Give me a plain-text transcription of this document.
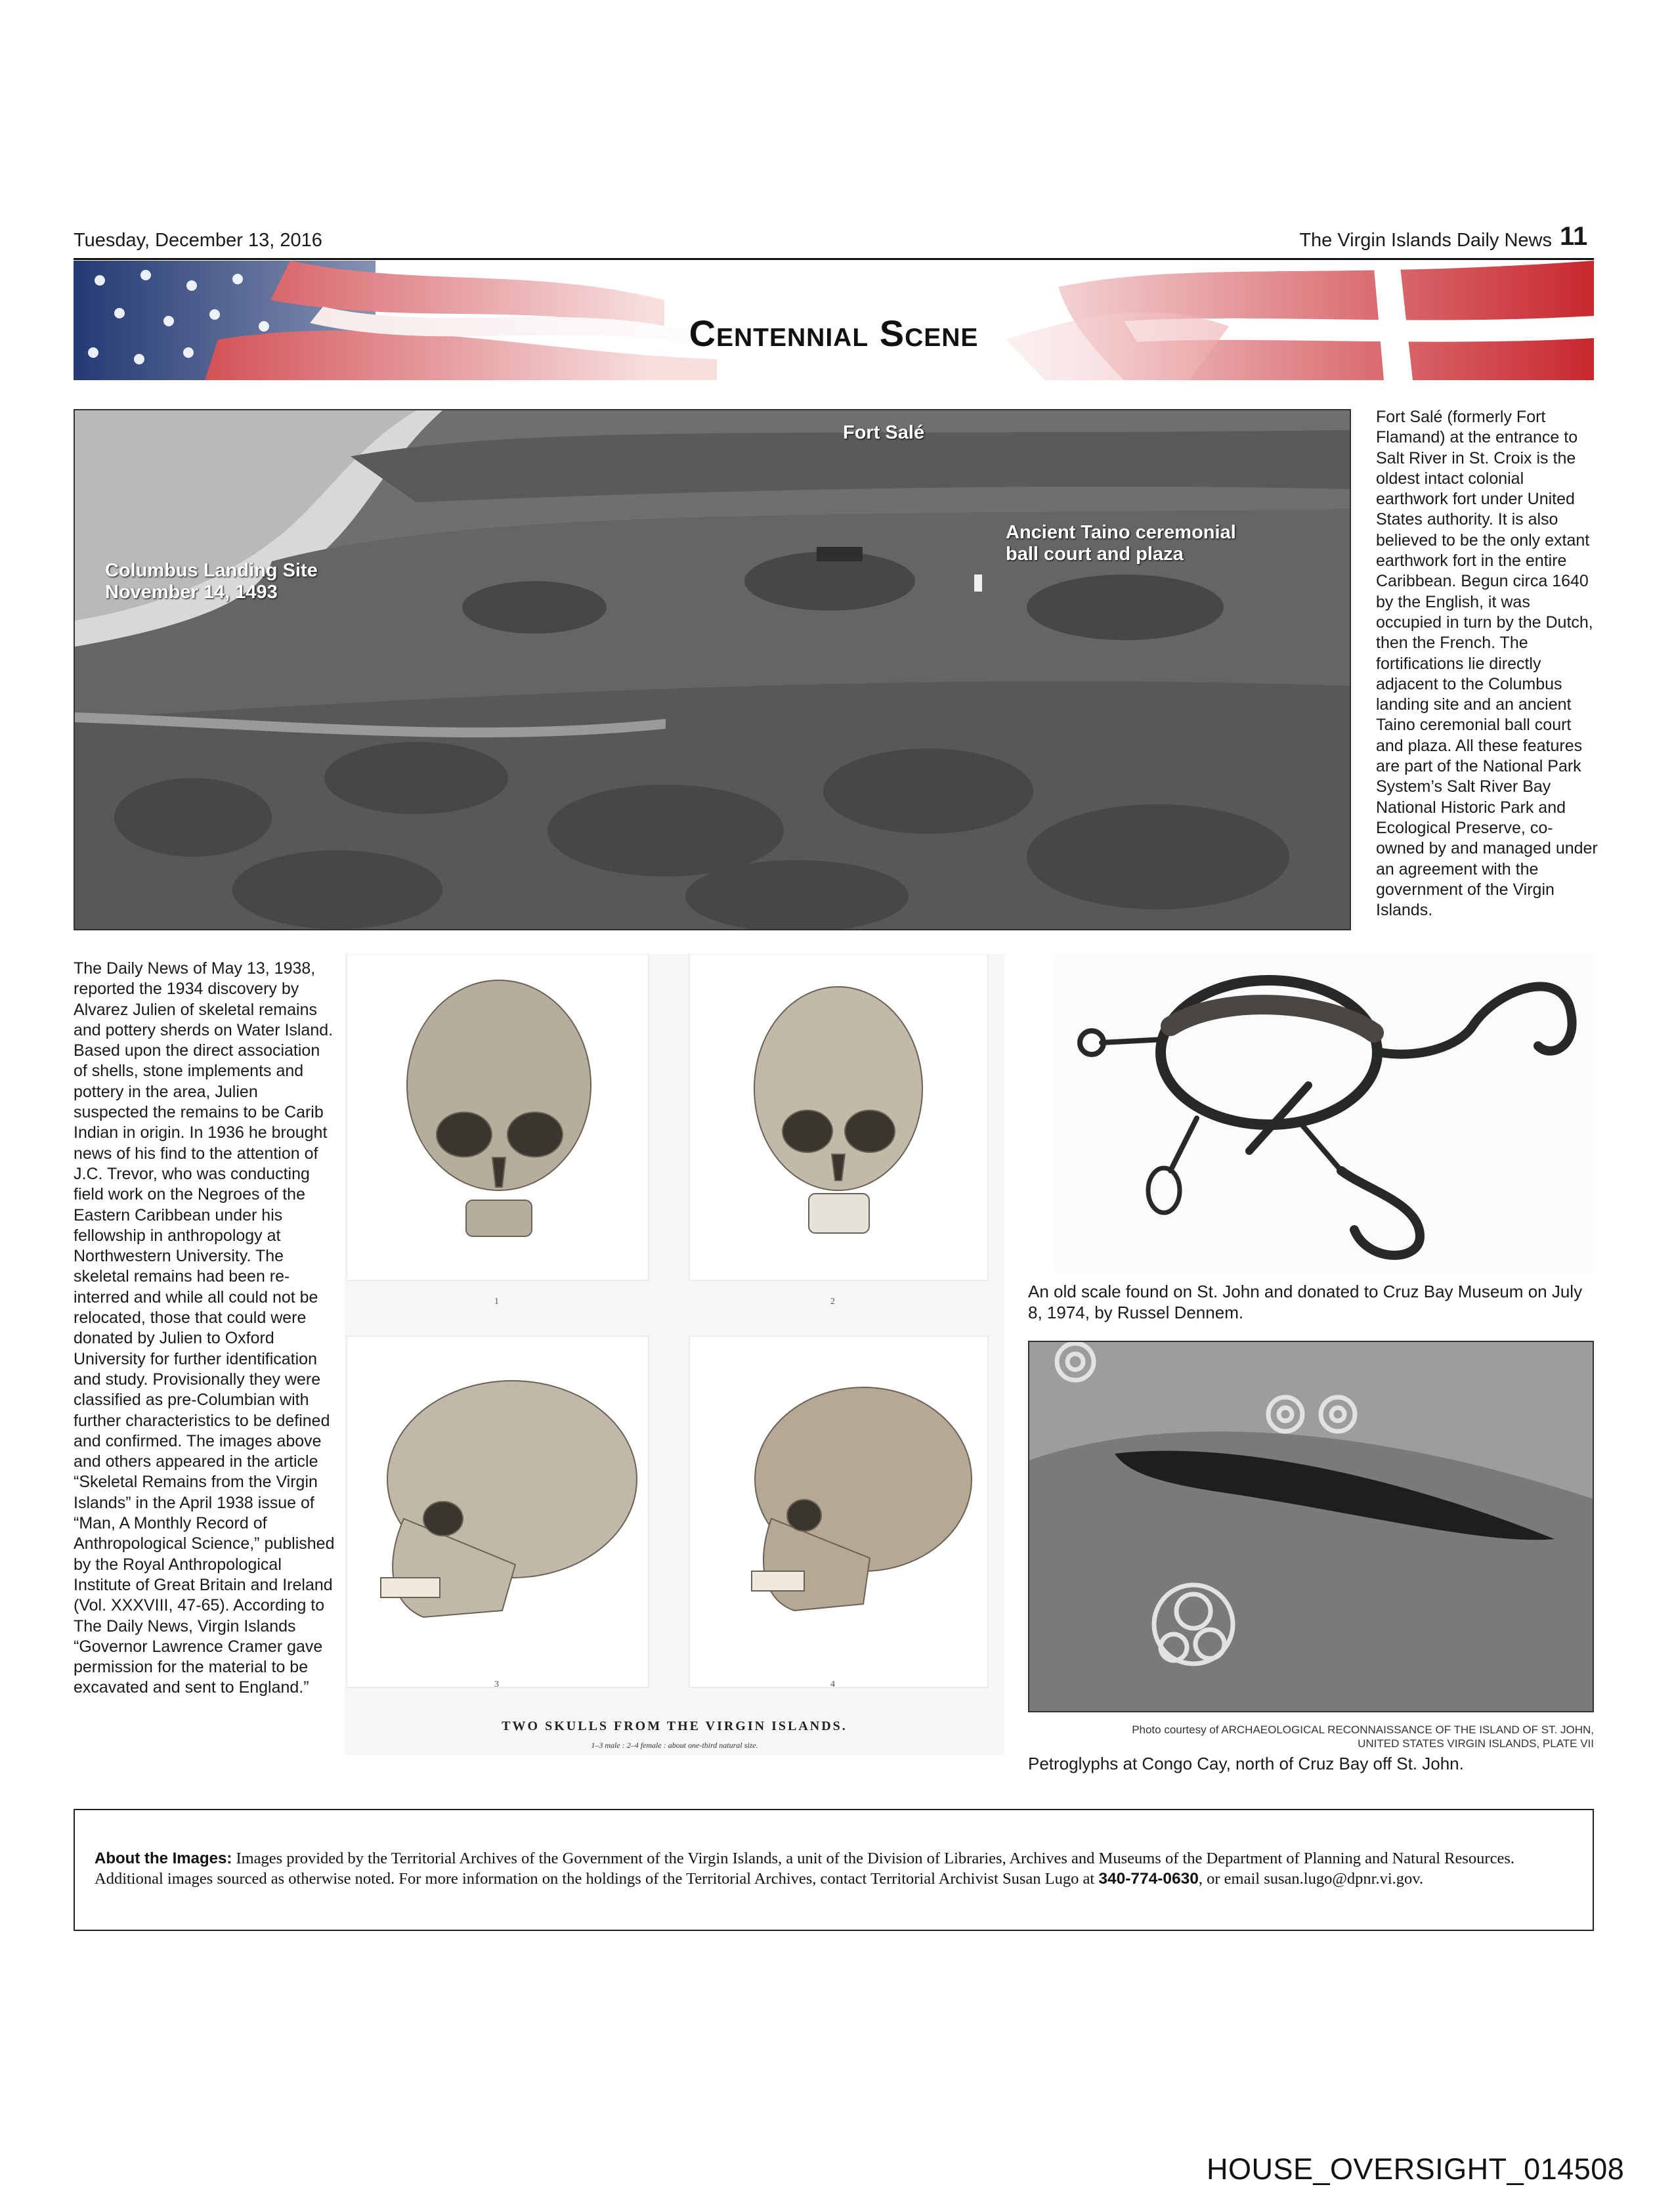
Tuesday, December 13, 2016	The Virgin Islands Daily News 11
Centennial Scene
Fort Salé
Columbus Landing Site
November 14, 1493
Ancient Taino ceremonial
ball court and plaza
Fort Salé (formerly Fort Flamand) at the entrance to Salt River in St. Croix is the oldest intact colonial earthwork fort under United States authority. It is also believed to be the only extant earthwork fort in the entire Caribbean. Begun circa 1640 by the English, it was occupied in turn by the Dutch, then the French. The fortifications lie directly adjacent to the Columbus landing site and an ancient Taino ceremonial ball court and plaza. All these features are part of the National Park System’s Salt River Bay National Historic Park and Ecological Preserve, co-owned by and managed under an agreement with the government of the Virgin Islands.
The Daily News of May 13, 1938, reported the 1934 discovery by Alvarez Julien of skeletal remains and pottery sherds on Water Island. Based upon the direct association of shells, stone implements and pottery in the area, Julien suspected the remains to be Carib Indian in origin. In 1936 he brought news of his find to the attention of J.C. Trevor, who was conducting field work on the Negroes of the Eastern Caribbean under his fellowship in anthropology at Northwestern University. The skeletal remains had been re-interred and while all could not be relocated, those that could were donated by Julien to Oxford University for further identification and study. Provisionally they were classified as pre-Columbian with further characteristics to be defined and confirmed. The images above and others appeared in the article “Skeletal Remains from the Virgin Islands” in the April 1938 issue of “Man, A Monthly Record of Anthropological Science,” published by the Royal Anthropological Institute of Great Britain and Ireland (Vol. XXXVIII, 47-65). According to The Daily News, Virgin Islands “Governor Lawrence Cramer gave permission for the material to be excavated and sent to England.”
1	2
3	4
TWO SKULLS FROM THE VIRGIN ISLANDS.
1–3 male : 2–4 female : about one-third natural size.
An old scale found on St. John and donated to Cruz Bay Museum on July 8, 1974, by Russel Dennem.
Photo courtesy of ARCHAEOLOGICAL RECONNAISSANCE OF THE ISLAND OF ST. JOHN,
UNITED STATES VIRGIN ISLANDS, PLATE VII
Petroglyphs at Congo Cay, north of Cruz Bay off St. John.
About the Images: Images provided by the Territorial Archives of the Government of the Virgin Islands, a unit of the Division of Libraries, Archives and Museums of the Department of Planning and Natural Resources. Additional images sourced as otherwise noted. For more information on the holdings of the Territorial Archives, contact Territorial Archivist Susan Lugo at 340-774-0630, or email susan.lugo@dpnr.vi.gov.
HOUSE_OVERSIGHT_014508
